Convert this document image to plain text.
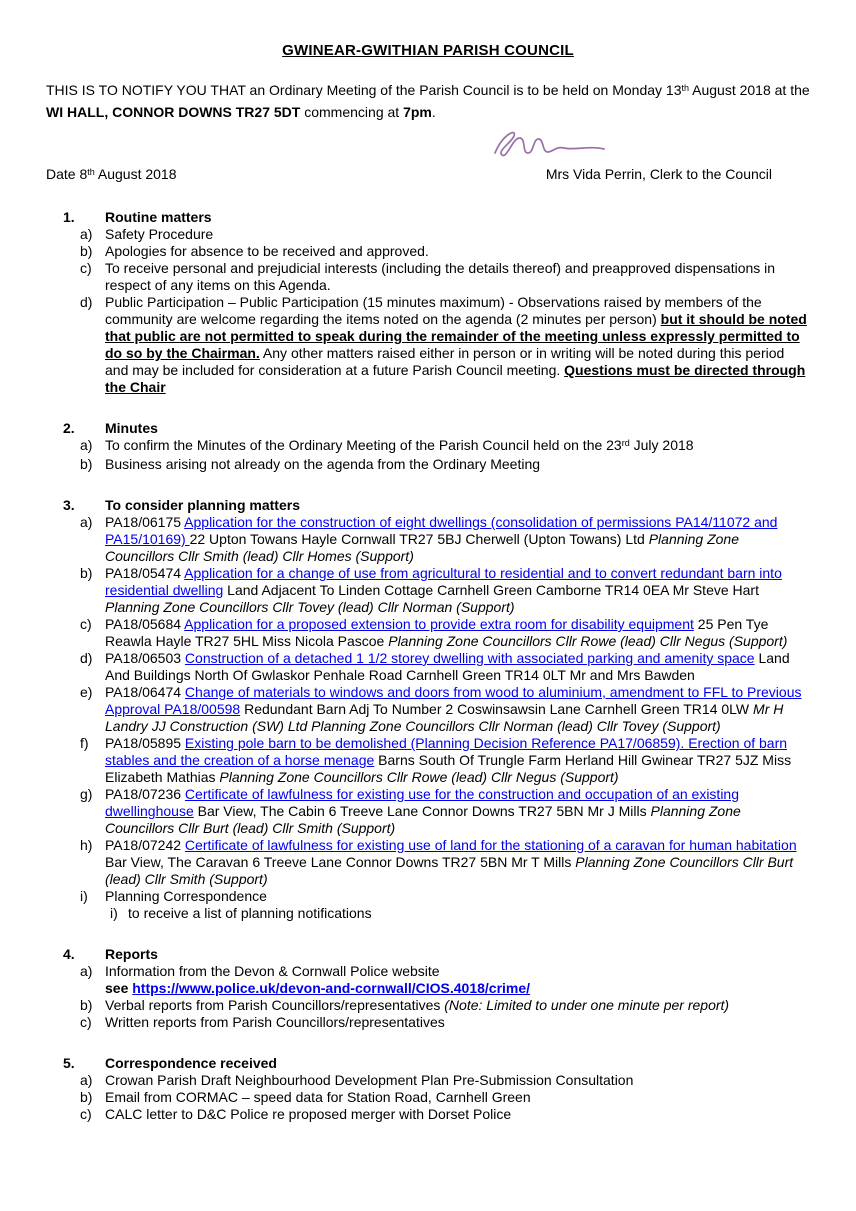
GWINEAR-GWITHIAN PARISH COUNCIL

THIS IS TO NOTIFY YOU THAT an Ordinary Meeting of the Parish Council is to be held on Monday 13th August 2018 at the WI HALL, CONNOR DOWNS TR27 5DT commencing at 7pm.

Date 8th August 2018	Mrs Vida Perrin, Clerk to the Council
1.	Routine matters
a) Safety Procedure
b) Apologies for absence to be received and approved.
c) To receive personal and prejudicial interests (including the details thereof) and preapproved dispensations in respect of any items on this Agenda.
d) Public Participation – Public Participation (15 minutes maximum) - Observations raised by members of the community are welcome regarding the items noted on the agenda (2 minutes per person) but it should be noted that public are not permitted to speak during the remainder of the meeting unless expressly permitted to do so by the Chairman. Any other matters raised either in person or in writing will be noted during this period and may be included for consideration at a future Parish Council meeting. Questions must be directed through the Chair
2.	Minutes
a) To confirm the Minutes of the Ordinary Meeting of the Parish Council held on the 23rd July 2018
b) Business arising not already on the agenda from the Ordinary Meeting
3.	To consider planning matters
a) PA18/06175 Application for the construction of eight dwellings (consolidation of permissions PA14/11072 and PA15/10169) 22 Upton Towans Hayle Cornwall TR27 5BJ Cherwell (Upton Towans) Ltd Planning Zone Councillors Cllr Smith (lead) Cllr Homes (Support)
b) PA18/05474 Application for a change of use from agricultural to residential and to convert redundant barn into residential dwelling Land Adjacent To Linden Cottage Carnhell Green Camborne TR14 0EA Mr Steve Hart Planning Zone Councillors Cllr Tovey (lead) Cllr Norman (Support)
c) PA18/05684 Application for a proposed extension to provide extra room for disability equipment 25 Pen Tye Reawla Hayle TR27 5HL Miss Nicola Pascoe Planning Zone Councillors Cllr Rowe (lead) Cllr Negus (Support)
d) PA18/06503 Construction of a detached 1 1/2 storey dwelling with associated parking and amenity space Land And Buildings North Of Gwlaskor Penhale Road Carnhell Green TR14 0LT Mr and Mrs Bawden
e) PA18/06474 Change of materials to windows and doors from wood to aluminium, amendment to FFL to Previous Approval PA18/00598 Redundant Barn Adj To Number 2 Coswinsawsin Lane Carnhell Green TR14 0LW Mr H Landry JJ Construction (SW) Ltd Planning Zone Councillors Cllr Norman (lead) Cllr Tovey (Support)
f)	PA18/05895 Existing pole barn to be demolished (Planning Decision Reference PA17/06859). Erection of barn stables and the creation of a horse menage Barns South Of Trungle Farm Herland Hill Gwinear TR27 5JZ Miss Elizabeth Mathias Planning Zone Councillors Cllr Rowe (lead) Cllr Negus (Support)
g) PA18/07236 Certificate of lawfulness for existing use for the construction and occupation of an existing dwellinghouse Bar View, The Cabin 6 Treeve Lane Connor Downs TR27 5BN Mr J Mills Planning Zone Councillors Cllr Burt (lead) Cllr Smith (Support)
h) PA18/07242 Certificate of lawfulness for existing use of land for the stationing of a caravan for human habitation Bar View, The Caravan 6 Treeve Lane Connor Downs TR27 5BN Mr T Mills Planning Zone Councillors Cllr Burt (lead) Cllr Smith (Support)
i)	Planning Correspondence
i) to receive a list of planning notifications
4.	Reports
a) Information from the Devon & Cornwall Police website
see https://www.police.uk/devon-and-cornwall/CIOS.4018/crime/
b) Verbal reports from Parish Councillors/representatives (Note: Limited to under one minute per report)
c) Written reports from Parish Councillors/representatives
5.	Correspondence received
a) Crowan Parish Draft Neighbourhood Development Plan Pre-Submission Consultation
b) Email from CORMAC – speed data for Station Road, Carnhell Green
c) CALC letter to D&C Police re proposed merger with Dorset Police
